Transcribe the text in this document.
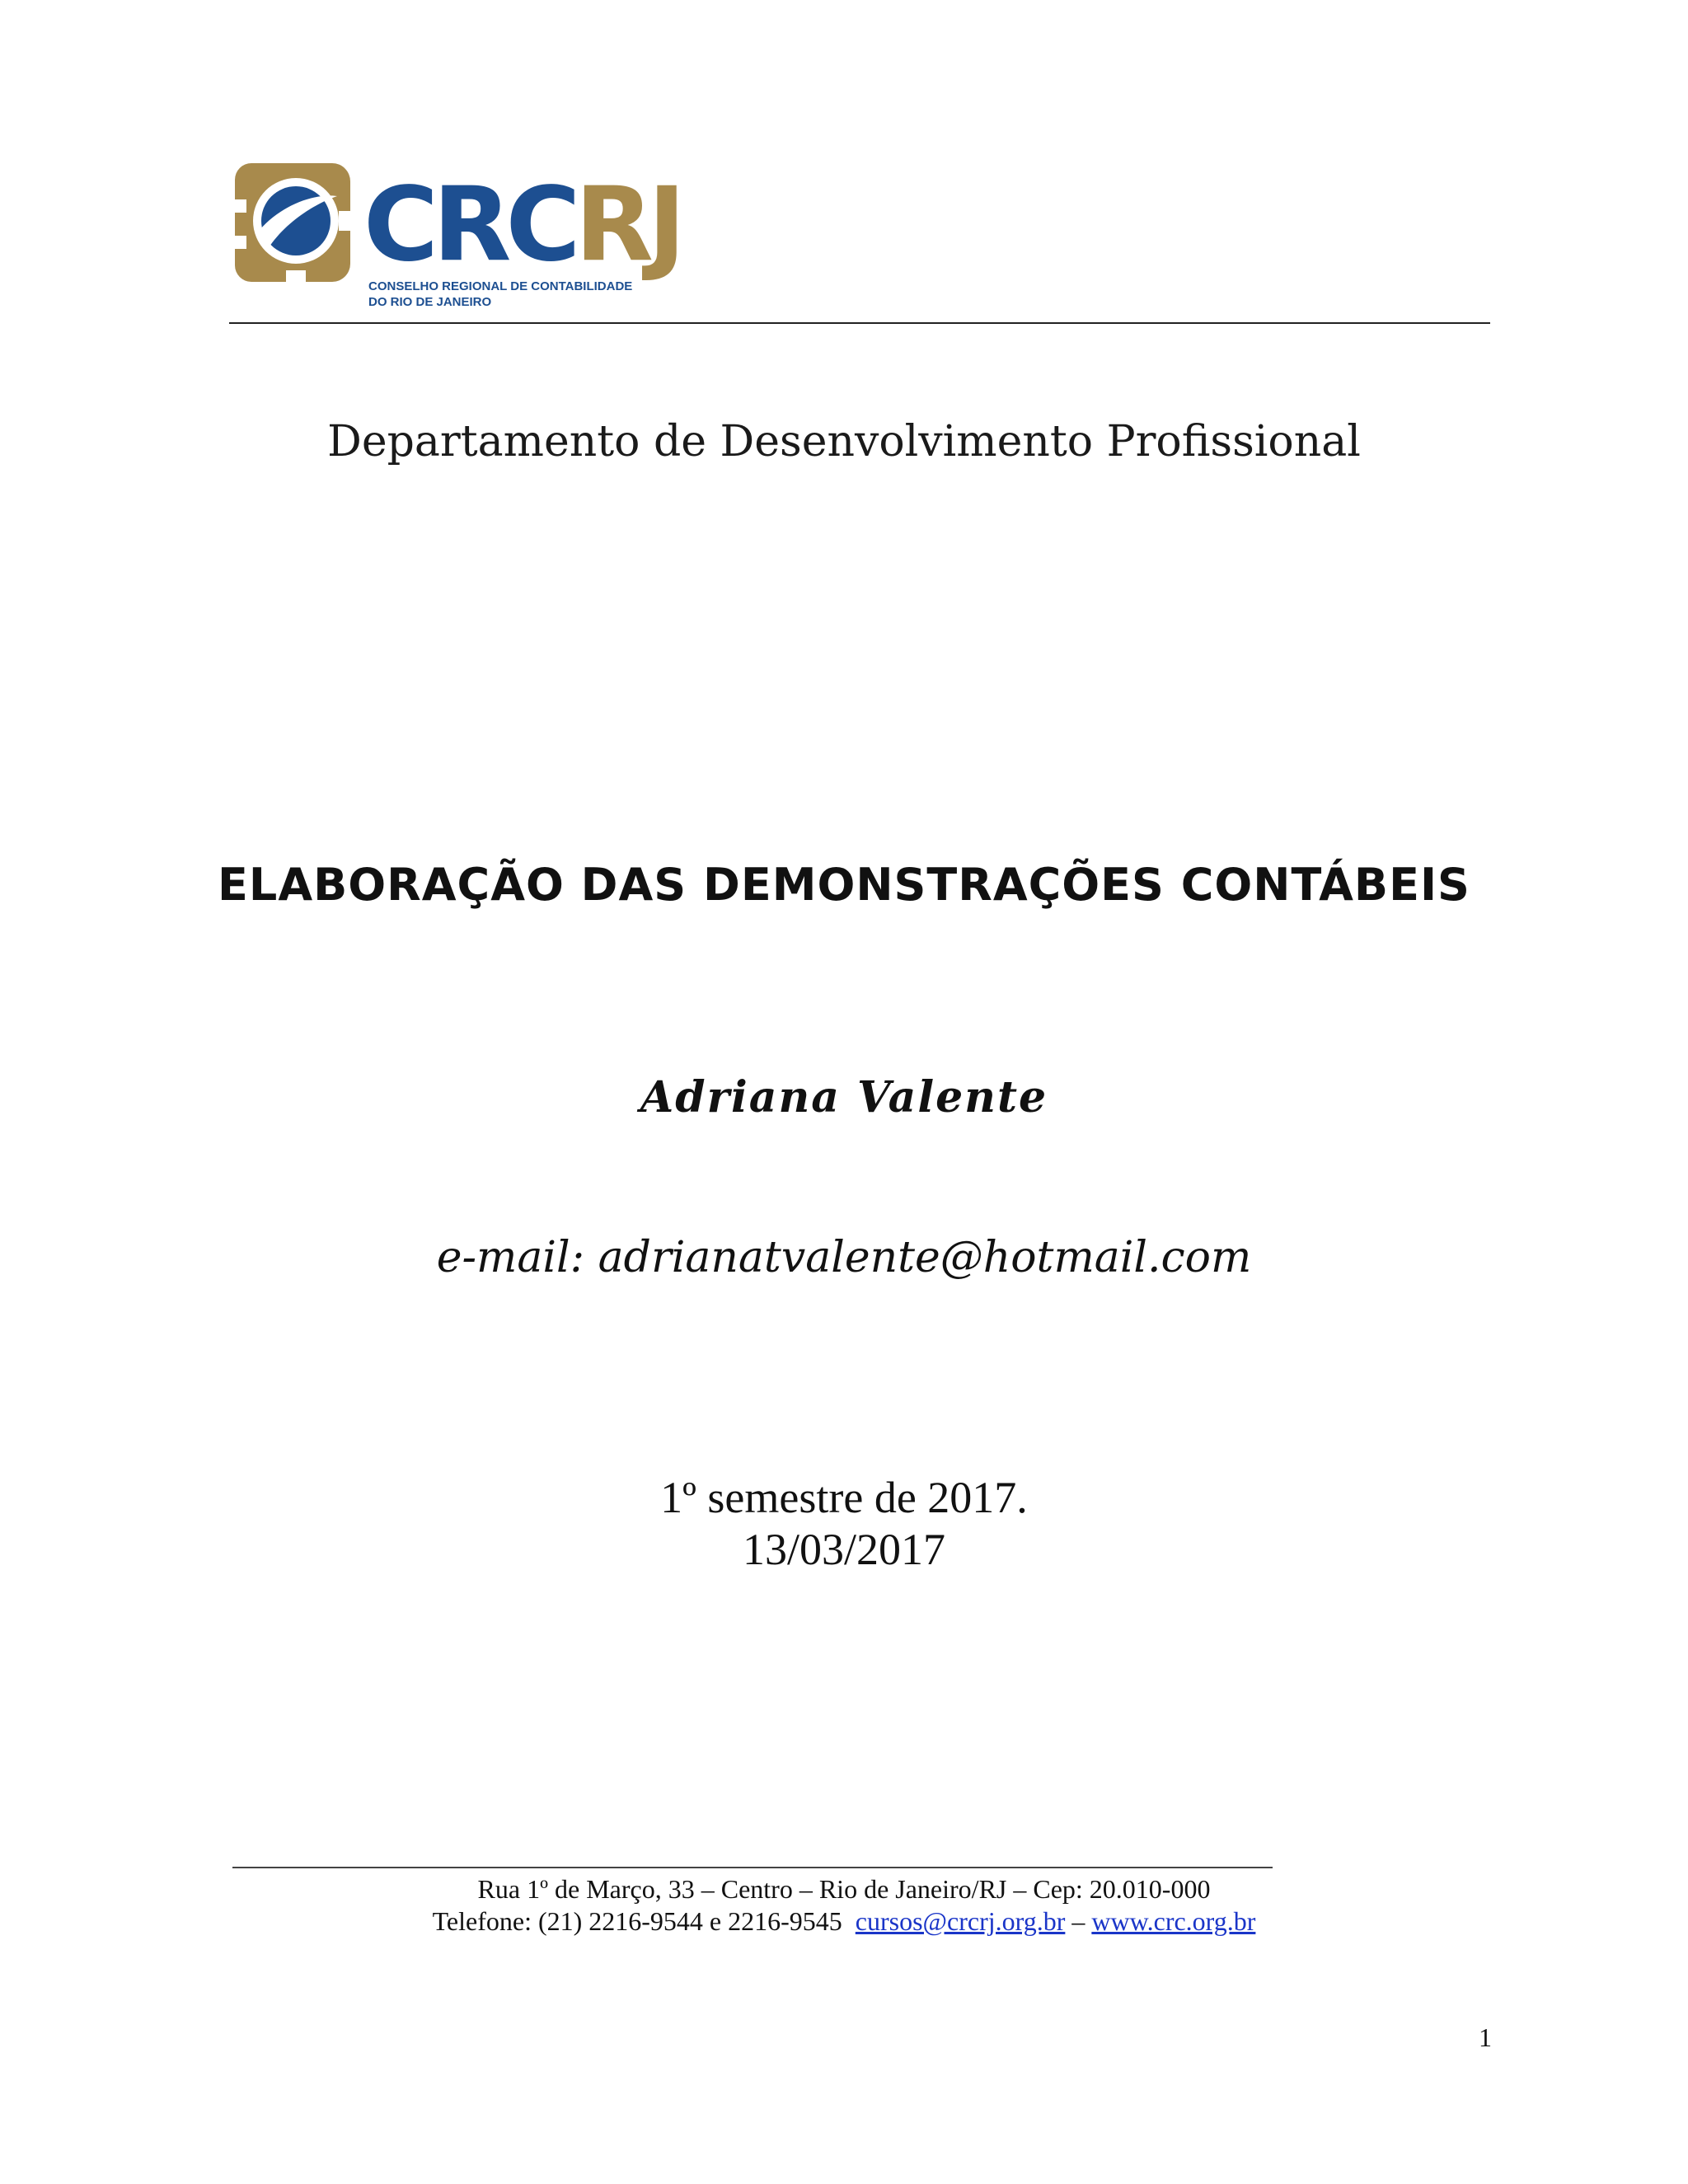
CRCRJ
CONSELHO REGIONAL DE CONTABILIDADE
DO RIO DE JANEIRO
Departamento de Desenvolvimento Profissional
ELABORAÇÃO DAS DEMONSTRAÇÕES CONTÁBEIS
Adriana Valente
e-mail: adrianatvalente@hotmail.com
1º semestre de 2017.
13/03/2017
Rua 1º de Março, 33 – Centro – Rio de Janeiro/RJ – Cep: 20.010-000
Telefone: (21) 2216-9544 e 2216-9545 cursos@crcrj.org.br – www.crc.org.br
1
